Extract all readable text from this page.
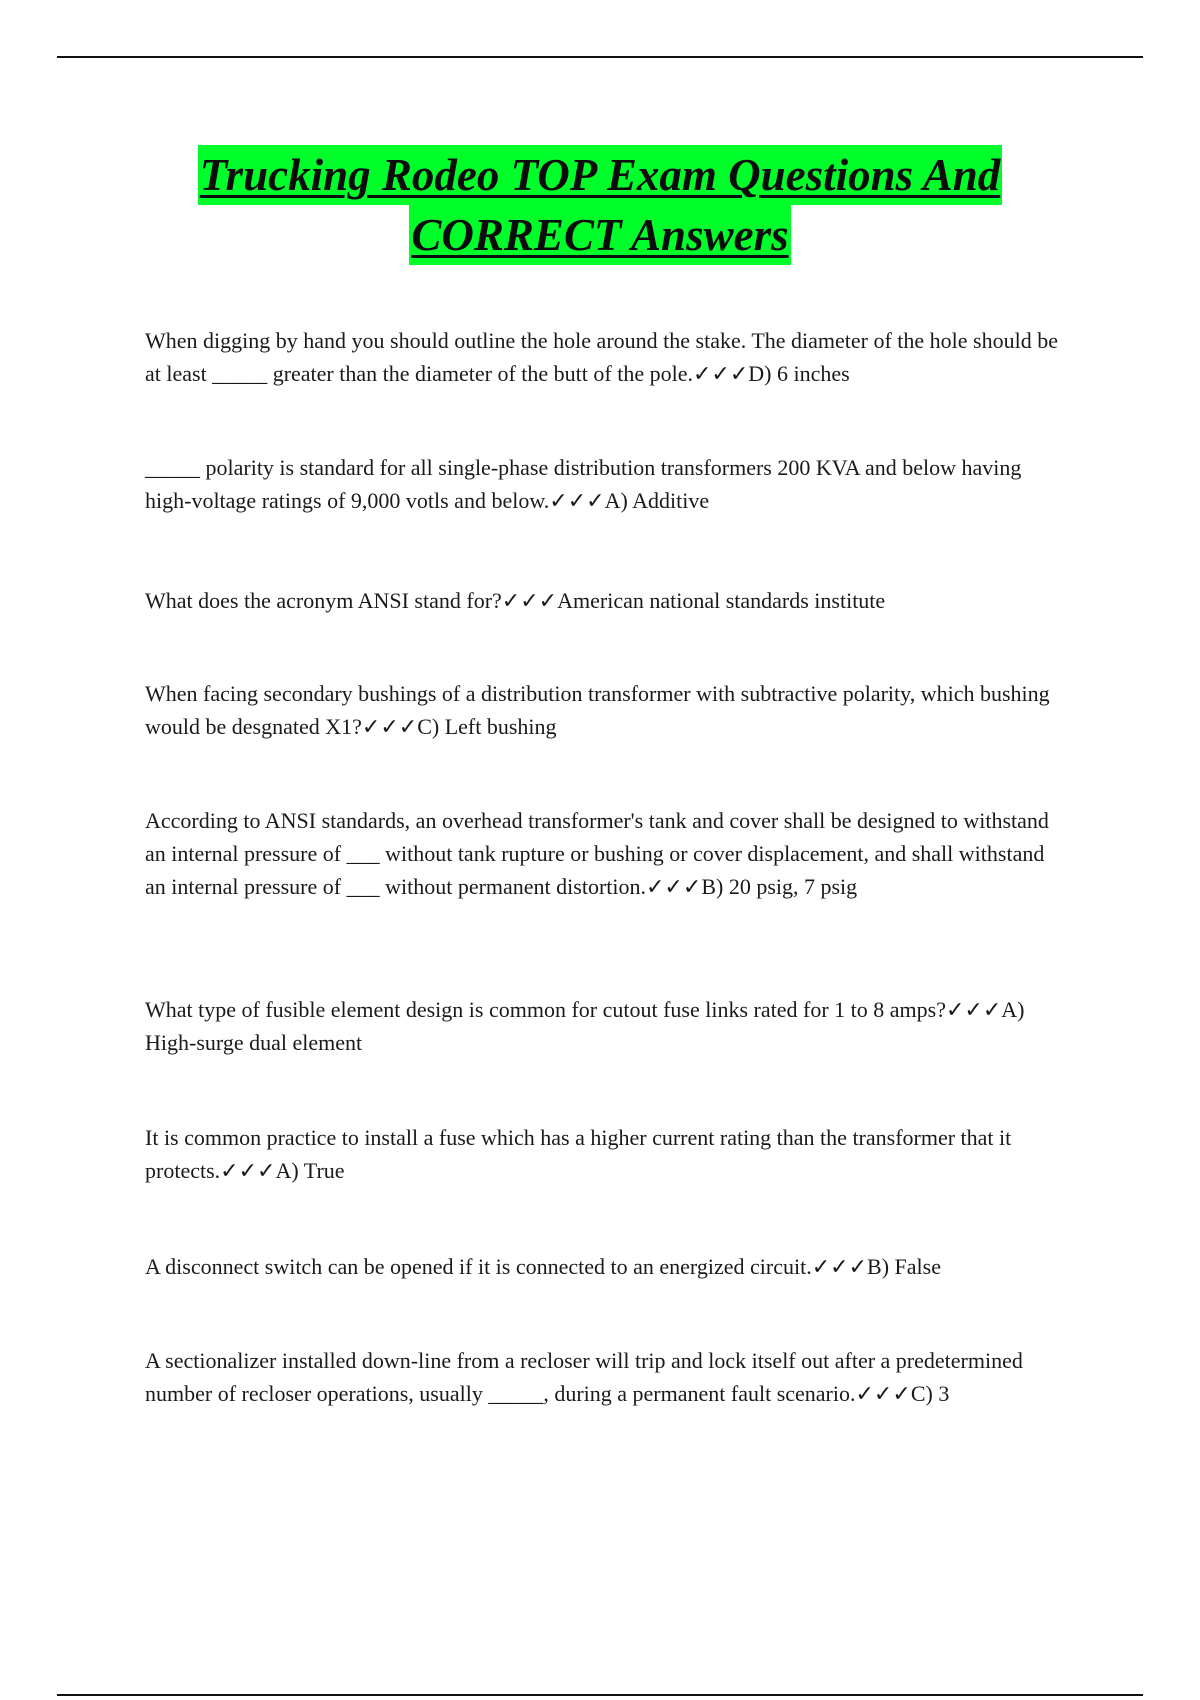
Trucking Rodeo TOP Exam Questions And
CORRECT Answers

When digging by hand you should outline the hole around the stake. The diameter of the hole should be at least _____ greater than the diameter of the butt of the pole.✓✓✓D) 6 inches

_____ polarity is standard for all single-phase distribution transformers 200 KVA and below having high-voltage ratings of 9,000 votls and below.✓✓✓A) Additive

What does the acronym ANSI stand for?✓✓✓American national standards institute

When facing secondary bushings of a distribution transformer with subtractive polarity, which bushing would be desgnated X1?✓✓✓C) Left bushing

According to ANSI standards, an overhead transformer's tank and cover shall be designed to withstand an internal pressure of ___ without tank rupture or bushing or cover displacement, and shall withstand an internal pressure of ___ without permanent distortion.✓✓✓B) 20 psig, 7 psig

What type of fusible element design is common for cutout fuse links rated for 1 to 8 amps?✓✓✓A) High-surge dual element

It is common practice to install a fuse which has a higher current rating than the transformer that it protects.✓✓✓A) True

A disconnect switch can be opened if it is connected to an energized circuit.✓✓✓B) False

A sectionalizer installed down-line from a recloser will trip and lock itself out after a predetermined number of recloser operations, usually _____, during a permanent fault scenario.✓✓✓C) 3
